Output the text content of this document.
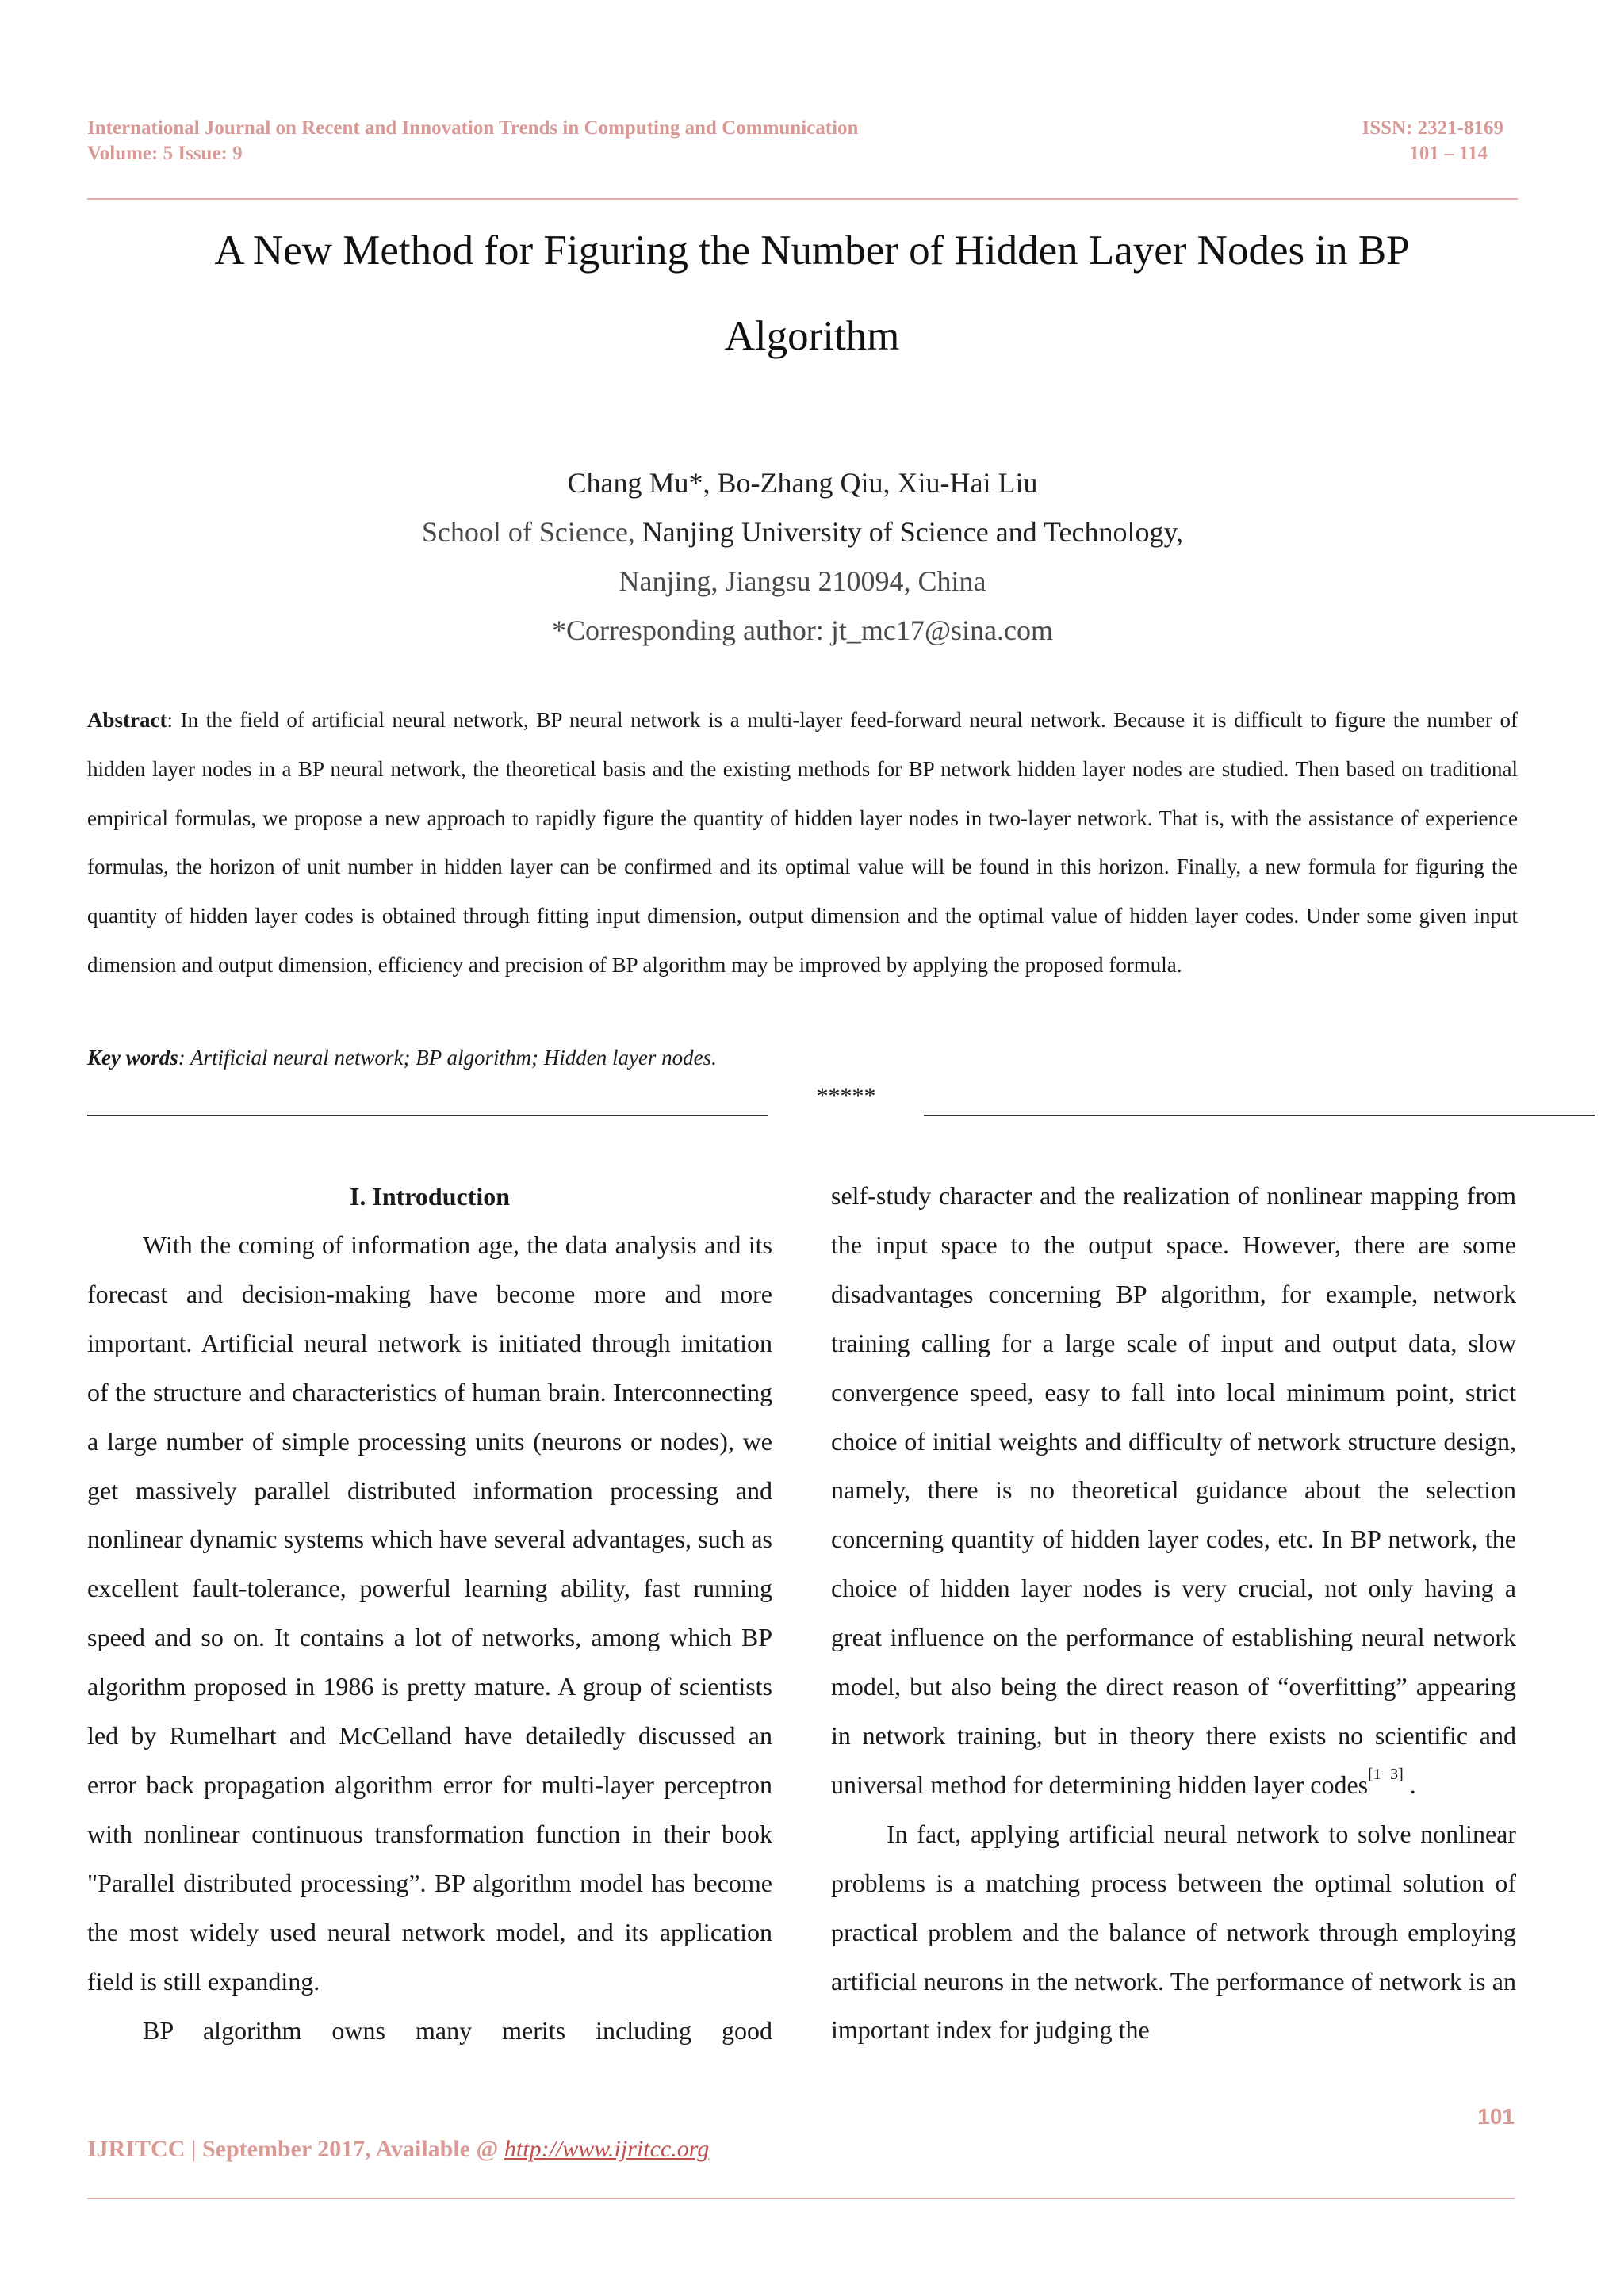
International Journal on Recent and Innovation Trends in Computing and Communication
Volume: 5 Issue: 9
ISSN: 2321-8169
101 – 114
A New Method for Figuring the Number of Hidden Layer Nodes in BP Algorithm
Chang Mu*, Bo-Zhang Qiu, Xiu-Hai Liu
School of Science, Nanjing University of Science and Technology,
Nanjing, Jiangsu 210094, China
*Corresponding author: jt_mc17@sina.com

Abstract: In the field of artificial neural network, BP neural network is a multi-layer feed-forward neural network. Because it is difficult to figure the number of hidden layer nodes in a BP neural network, the theoretical basis and the existing methods for BP network hidden layer nodes are studied. Then based on traditional empirical formulas, we propose a new approach to rapidly figure the quantity of hidden layer nodes in two-layer network. That is, with the assistance of experience formulas, the horizon of unit number in hidden layer can be confirmed and its optimal value will be found in this horizon. Finally, a new formula for figuring the quantity of hidden layer codes is obtained through fitting input dimension, output dimension and the optimal value of hidden layer codes. Under some given input dimension and output dimension, efficiency and precision of BP algorithm may be improved by applying the proposed formula.

Key words: Artificial neural network; BP algorithm; Hidden layer nodes.
*****

I. Introduction

With the coming of information age, the data analysis and its forecast and decision-making have become more and more important. Artificial neural network is initiated through imitation of the structure and characteristics of human brain. Interconnecting a large number of simple processing units (neurons or nodes), we get massively parallel distributed information processing and nonlinear dynamic systems which have several advantages, such as excellent fault-tolerance, powerful learning ability, fast running speed and so on. It contains a lot of networks, among which BP algorithm proposed in 1986 is pretty mature. A group of scientists led by Rumelhart and McCelland have detailedly discussed an error back propagation algorithm error for multi-layer perceptron with nonlinear continuous transformation function in their book "Parallel distributed processing”. BP algorithm model has become the most widely used neural network model, and its application field is still expanding.

BP algorithm owns many merits including good

self-study character and the realization of nonlinear mapping from the input space to the output space. However, there are some disadvantages concerning BP algorithm, for example, network training calling for a large scale of input and output data, slow convergence speed, easy to fall into local minimum point, strict choice of initial weights and difficulty of network structure design, namely, there is no theoretical guidance about the selection concerning quantity of hidden layer codes, etc. In BP network, the choice of hidden layer nodes is very crucial, not only having a great influence on the performance of establishing neural network model, but also being the direct reason of “overfitting” appearing in network training, but in theory there exists no scientific and universal method for determining hidden layer codes[1−3] .

In fact, applying artificial neural network to solve nonlinear problems is a matching process between the optimal solution of practical problem and the balance of network through employing artificial neurons in the network. The performance of network is an important index for judging the

101
IJRITCC | September 2017, Available @ http://www.ijritcc.org
